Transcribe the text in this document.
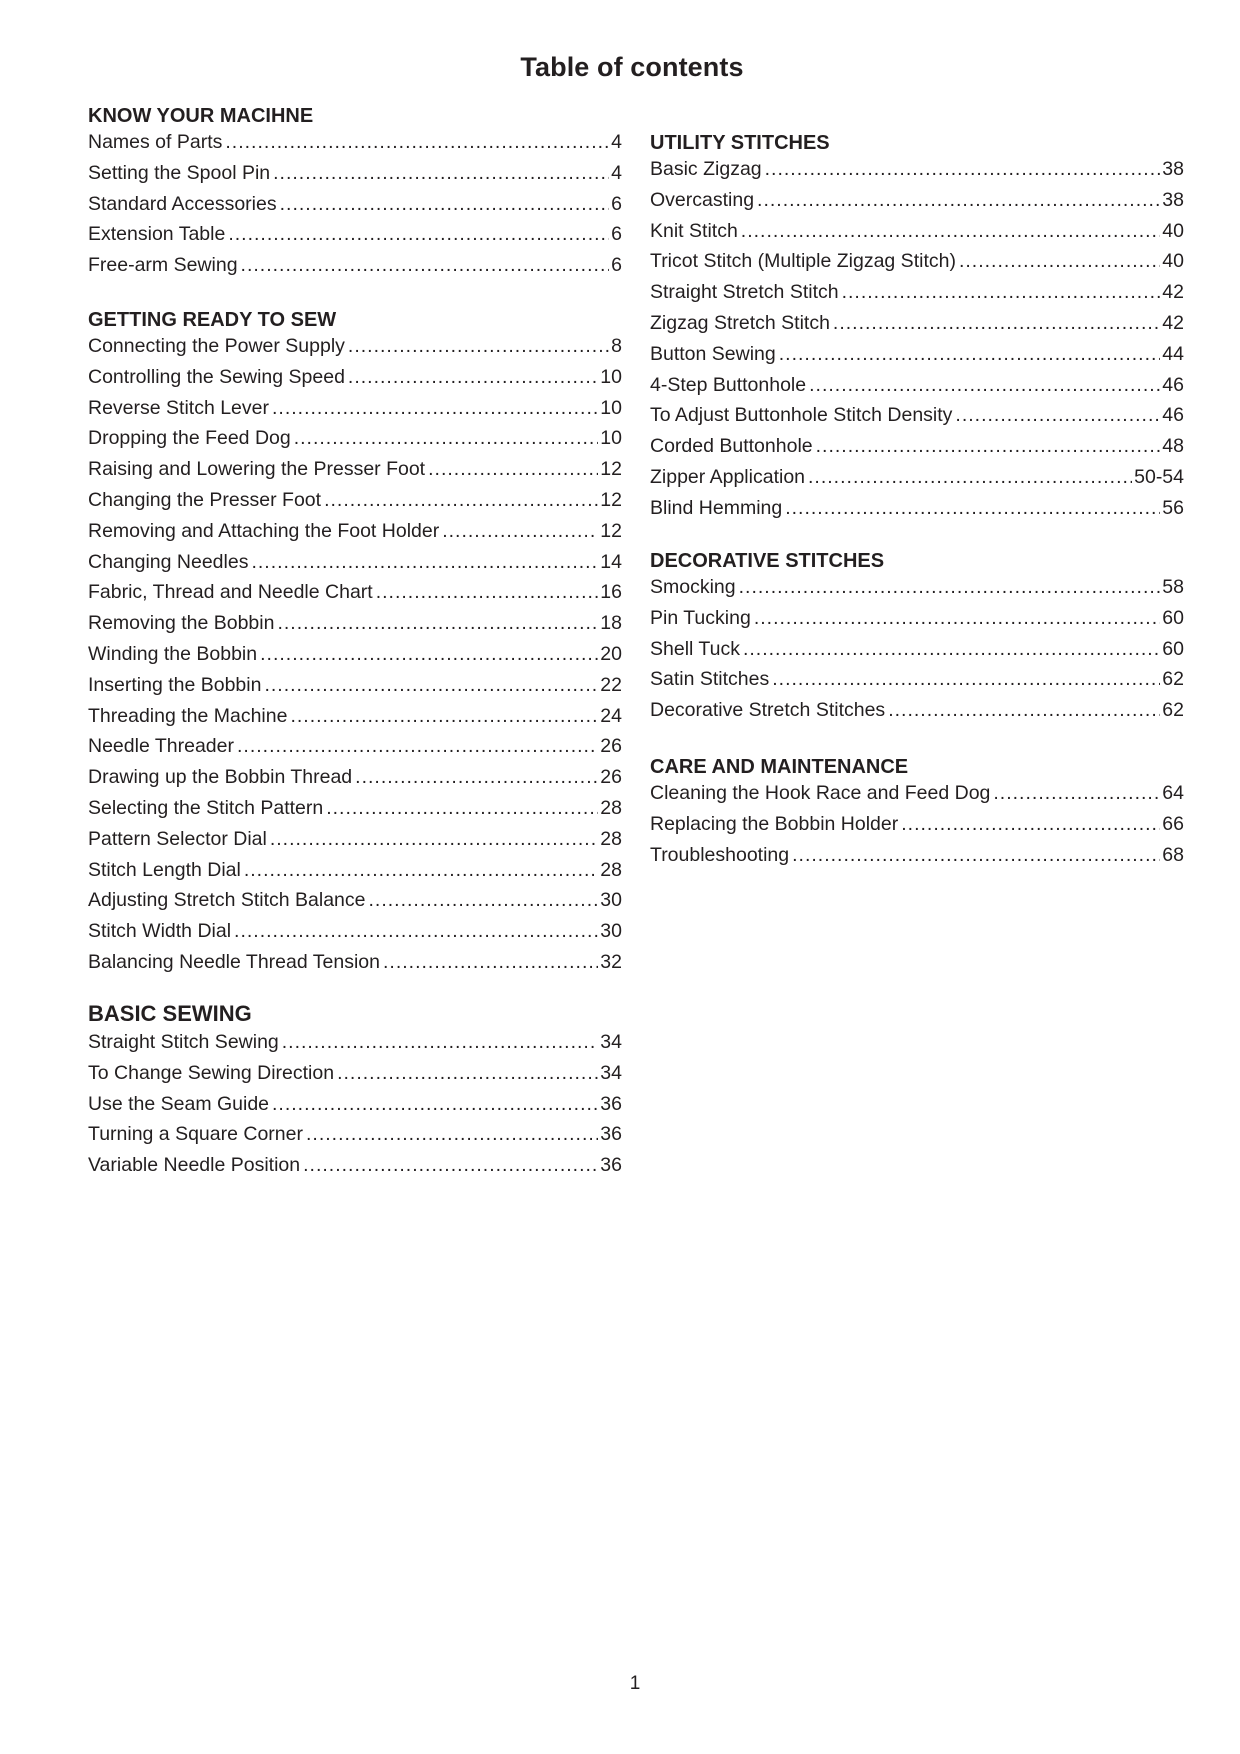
Table of contents
KNOW YOUR MACIHNE
Names of Parts .....	4
Setting the Spool Pin .....	4
Standard Accessories .....	6
Extension Table .....	6
Free-arm Sewing .....	6
GETTING READY TO SEW
Connecting the Power Supply .....	8
Controlling the Sewing Speed .....	10
Reverse Stitch Lever .....	10
Dropping the Feed Dog .....	10
Raising and Lowering the Presser Foot .....	12
Changing the Presser Foot .....	12
Removing and Attaching the Foot Holder .....	12
Changing Needles .....	14
Fabric, Thread and Needle Chart .....	16
Removing the Bobbin .....	18
Winding the Bobbin .....	20
Inserting the Bobbin .....	22
Threading the Machine .....	24
Needle Threader .....	26
Drawing up the Bobbin Thread .....	26
Selecting the Stitch Pattern .....	28
Pattern Selector Dial .....	28
Stitch Length Dial .....	28
Adjusting Stretch Stitch Balance .....	30
Stitch Width Dial .....	30
Balancing Needle Thread Tension .....	32
BASIC SEWING
Straight Stitch Sewing .....	34
To Change Sewing Direction .....	34
Use the Seam Guide .....	36
Turning a Square Corner .....	36
Variable Needle Position .....	36
UTILITY STITCHES
Basic Zigzag .....	38
Overcasting .....	38
Knit Stitch .....	40
Tricot Stitch (Multiple Zigzag Stitch) .....	40
Straight Stretch Stitch .....	42
Zigzag Stretch Stitch .....	42
Button Sewing .....	44
4-Step Buttonhole .....	46
To Adjust Buttonhole Stitch Density .....	46
Corded Buttonhole .....	48
Zipper Application .....	50-54
Blind Hemming .....	56
DECORATIVE STITCHES
Smocking .....	58
Pin Tucking .....	60
Shell Tuck .....	60
Satin Stitches .....	62
Decorative Stretch Stitches .....	62
CARE AND MAINTENANCE
Cleaning the Hook Race and Feed Dog .....	64
Replacing the Bobbin Holder .....	66
Troubleshooting .....	68
1
